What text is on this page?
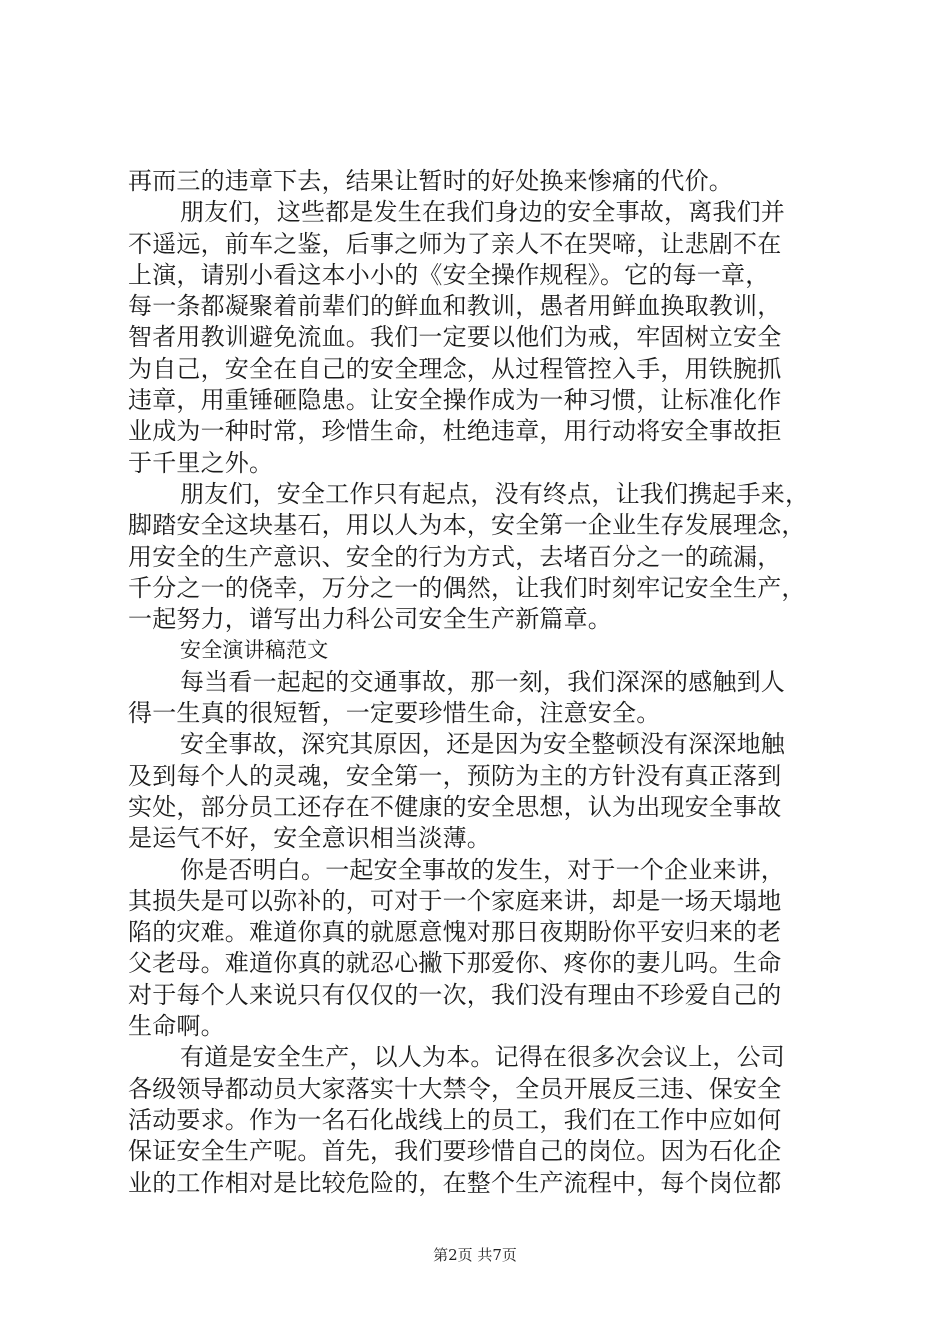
再而三的违章下去，结果让暂时的好处换来惨痛的代价。
朋友们，这些都是发生在我们身边的安全事故，离我们并
不遥远，前车之鉴，后事之师为了亲人不在哭啼，让悲剧不在
上演，请别小看这本小小的《安全操作规程》。它的每一章，
每一条都凝聚着前辈们的鲜血和教训，愚者用鲜血换取教训，
智者用教训避免流血。我们一定要以他们为戒，牢固树立安全
为自己，安全在自己的安全理念，从过程管控入手，用铁腕抓
违章，用重锤砸隐患。让安全操作成为一种习惯，让标准化作
业成为一种时常，珍惜生命，杜绝违章，用行动将安全事故拒
于千里之外。
朋友们，安全工作只有起点，没有终点，让我们携起手来，
脚踏安全这块基石，用以人为本，安全第一企业生存发展理念，
用安全的生产意识、安全的行为方式，去堵百分之一的疏漏，
千分之一的侥幸，万分之一的偶然，让我们时刻牢记安全生产，
一起努力，谱写出力科公司安全生产新篇章。
安全演讲稿范文
每当看一起起的交通事故，那一刻，我们深深的感触到人
得一生真的很短暂，一定要珍惜生命，注意安全。
安全事故，深究其原因，还是因为安全整顿没有深深地触
及到每个人的灵魂，安全第一，预防为主的方针没有真正落到
实处，部分员工还存在不健康的安全思想，认为出现安全事故
是运气不好，安全意识相当淡薄。
你是否明白。一起安全事故的发生，对于一个企业来讲，
其损失是可以弥补的，可对于一个家庭来讲，却是一场天塌地
陷的灾难。难道你真的就愿意愧对那日夜期盼你平安归来的老
父老母。难道你真的就忍心撇下那爱你、疼你的妻儿吗。生命
对于每个人来说只有仅仅的一次，我们没有理由不珍爱自己的
生命啊。
有道是安全生产，以人为本。记得在很多次会议上，公司
各级领导都动员大家落实十大禁令，全员开展反三违、保安全
活动要求。作为一名石化战线上的员工，我们在工作中应如何
保证安全生产呢。首先，我们要珍惜自己的岗位。因为石化企
业的工作相对是比较危险的，在整个生产流程中，每个岗位都
第2页 共7页
